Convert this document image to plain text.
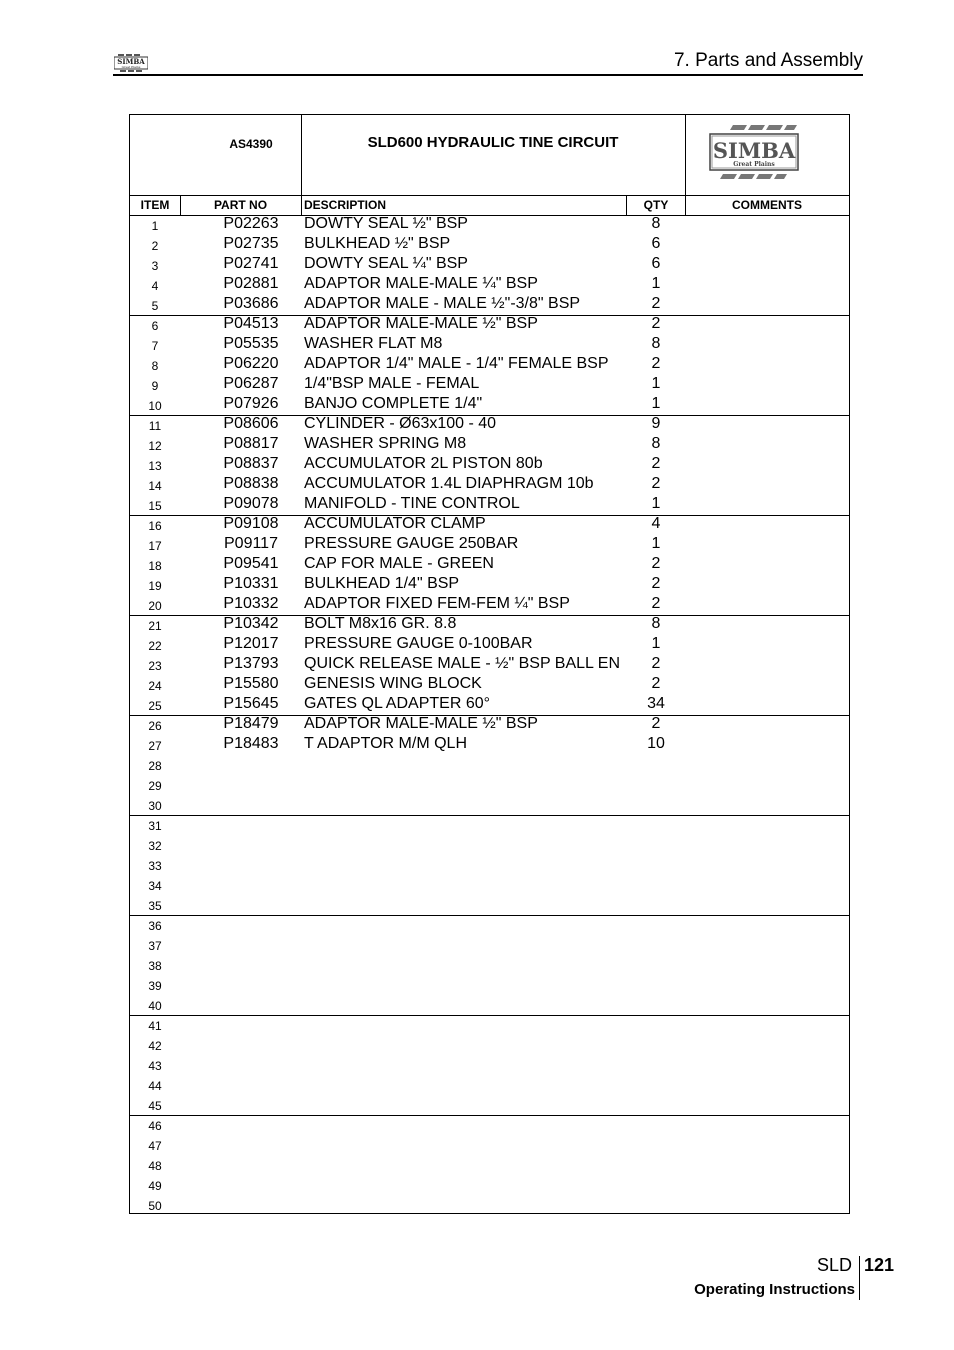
SIMBA
Great Plains	7. Parts and Assembly
AS4390	SLD600 HYDRAULIC TINE CIRCUIT	SIMBA
Great Plains
ITEM	PART NO	DESCRIPTION	QTY	COMMENTS
1	P02263	DOWTY SEAL ½" BSP	8
2	P02735	BULKHEAD ½" BSP	6
3	P02741	DOWTY SEAL ¼" BSP	6
4	P02881	ADAPTOR MALE-MALE ¼" BSP	1
5	P03686	ADAPTOR MALE - MALE ½"-3/8" BSP	2
6	P04513	ADAPTOR MALE-MALE ½" BSP	2
7	P05535	WASHER FLAT M8	8
8	P06220	ADAPTOR 1/4" MALE - 1/4" FEMALE BSP	2
9	P06287	1/4"BSP MALE - FEMAL	1
10	P07926	BANJO COMPLETE 1/4"	1
11	P08606	CYLINDER - Ø63x100 - 40	9
12	P08817	WASHER SPRING M8	8
13	P08837	ACCUMULATOR 2L PISTON 80b	2
14	P08838	ACCUMULATOR 1.4L DIAPHRAGM 10b	2
15	P09078	MANIFOLD - TINE CONTROL	1
16	P09108	ACCUMULATOR CLAMP	4
17	P09117	PRESSURE GAUGE 250BAR	1
18	P09541	CAP FOR MALE - GREEN	2
19	P10331	BULKHEAD 1/4" BSP	2
20	P10332	ADAPTOR FIXED FEM-FEM ¼" BSP	2
21	P10342	BOLT M8x16 GR. 8.8	8
22	P12017	PRESSURE GAUGE 0-100BAR	1
23	P13793	QUICK RELEASE MALE - ½" BSP BALL EN	2
24	P15580	GENESIS WING BLOCK	2
25	P15645	GATES QL ADAPTER 60°	34
26	P18479	ADAPTOR MALE-MALE ½" BSP	2
27	P18483	T ADAPTOR M/M QLH	10
28
29
30
31
32
33
34
35
36
37
38
39
40
41
42
43
44
45
46
47
48
49
50
SLD 121
Operating Instructions
